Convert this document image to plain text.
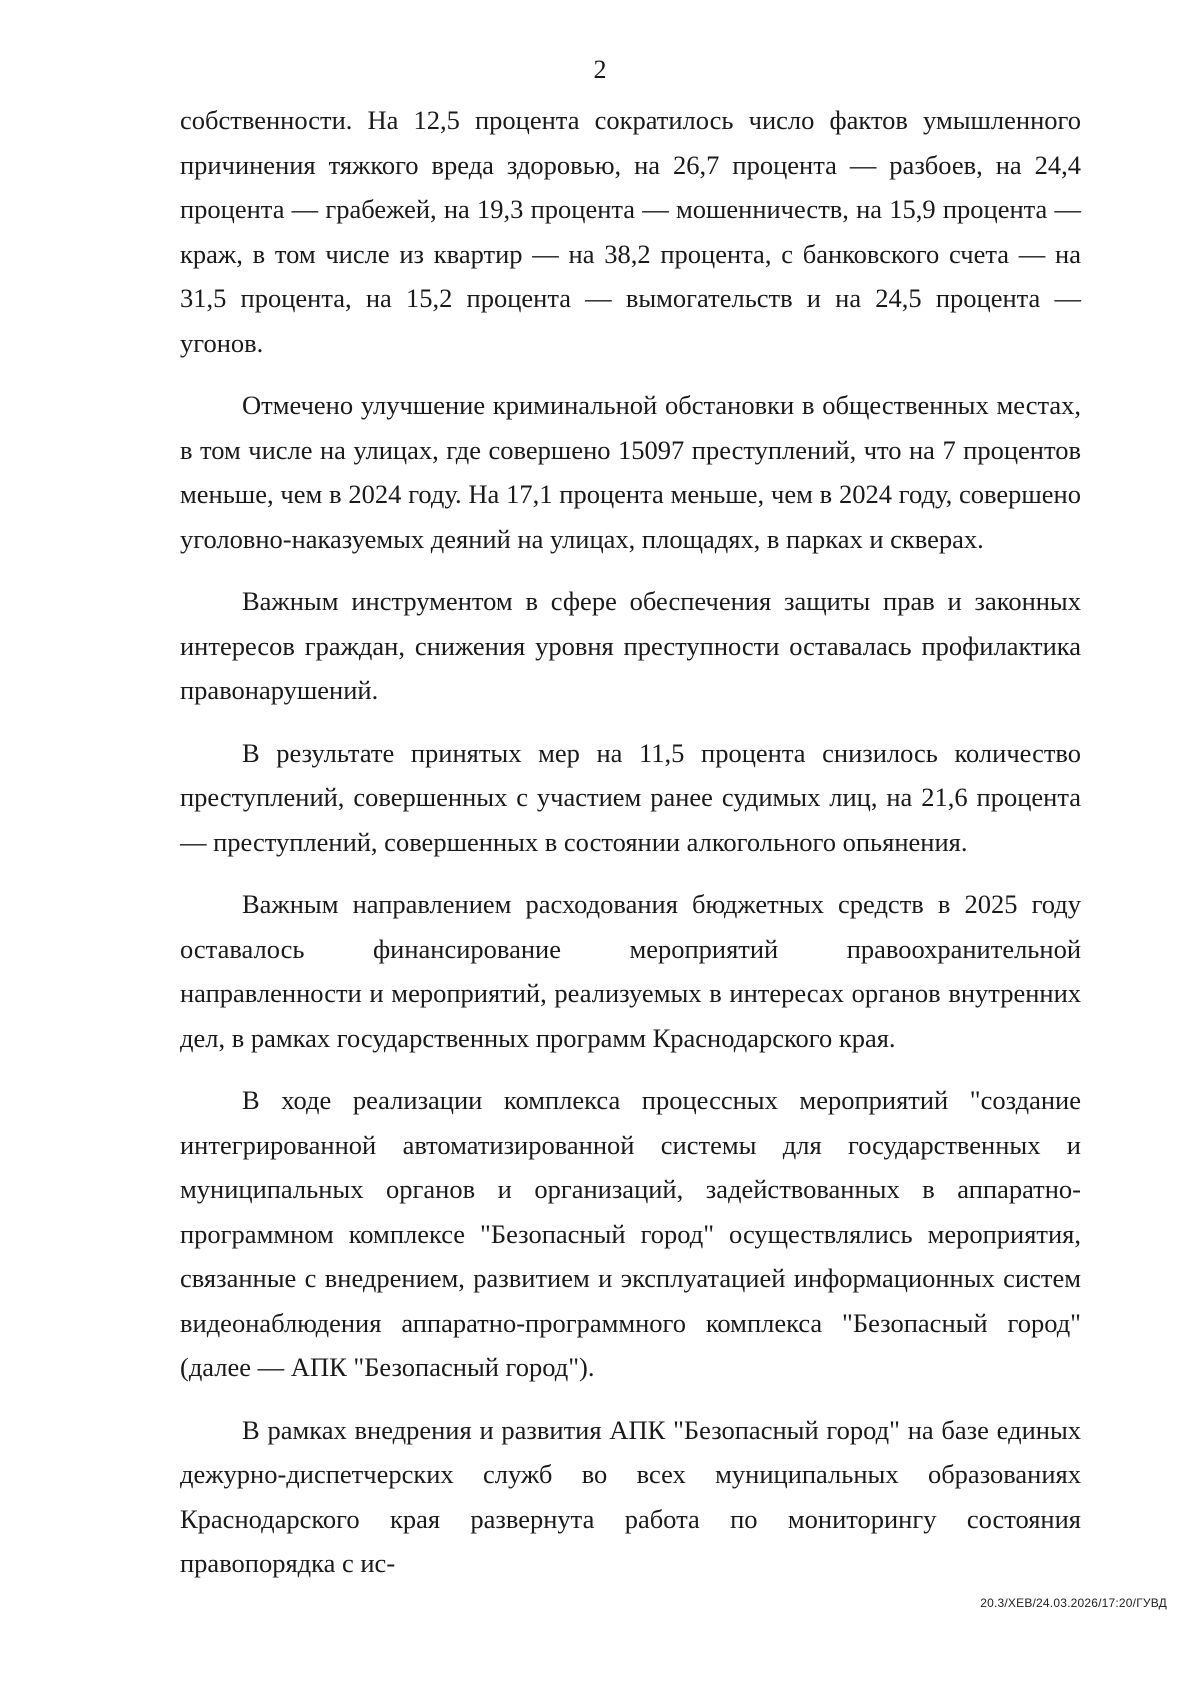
2

собственности. На 12,5 процента сократилось число фактов умышленного причинения тяжкого вреда здоровью, на 26,7 процента — разбоев, на 24,4 процента — грабежей, на 19,3 процента — мошенничеств, на 15,9 процента — краж, в том числе из квартир — на 38,2 процента, с банковского счета — на 31,5 процента, на 15,2 процента — вымогательств и на 24,5 процента — угонов.

Отмечено улучшение криминальной обстановки в общественных местах, в том числе на улицах, где совершено 15097 преступлений, что на 7 процентов меньше, чем в 2024 году. На 17,1 процента меньше, чем в 2024 году, совершено уголовно-наказуемых деяний на улицах, площадях, в парках и скверах.

Важным инструментом в сфере обеспечения защиты прав и законных интересов граждан, снижения уровня преступности оставалась профилактика правонарушений.

В результате принятых мер на 11,5 процента снизилось количество преступлений, совершенных с участием ранее судимых лиц, на 21,6 процента — преступлений, совершенных в состоянии алкогольного опьянения.

Важным направлением расходования бюджетных средств в 2025 году оставалось финансирование мероприятий правоохранительной направленности и мероприятий, реализуемых в интересах органов внутренних дел, в рамках государственных программ Краснодарского края.

В ходе реализации комплекса процессных мероприятий "создание интегрированной автоматизированной системы для государственных и муниципальных органов и организаций, задействованных в аппаратно-программном комплексе "Безопасный город" осуществлялись мероприятия, связанные с внедрением, развитием и эксплуатацией информационных систем видеонаблюдения аппаратно-программного комплекса "Безопасный город" (далее — АПК "Безопасный город").

В рамках внедрения и развития АПК "Безопасный город" на базе единых дежурно-диспетчерских служб во всех муниципальных образованиях Краснодарского края развернута работа по мониторингу состояния правопорядка с ис-

20.3/ХЕВ/24.03.2026/17:20/ГУВД
